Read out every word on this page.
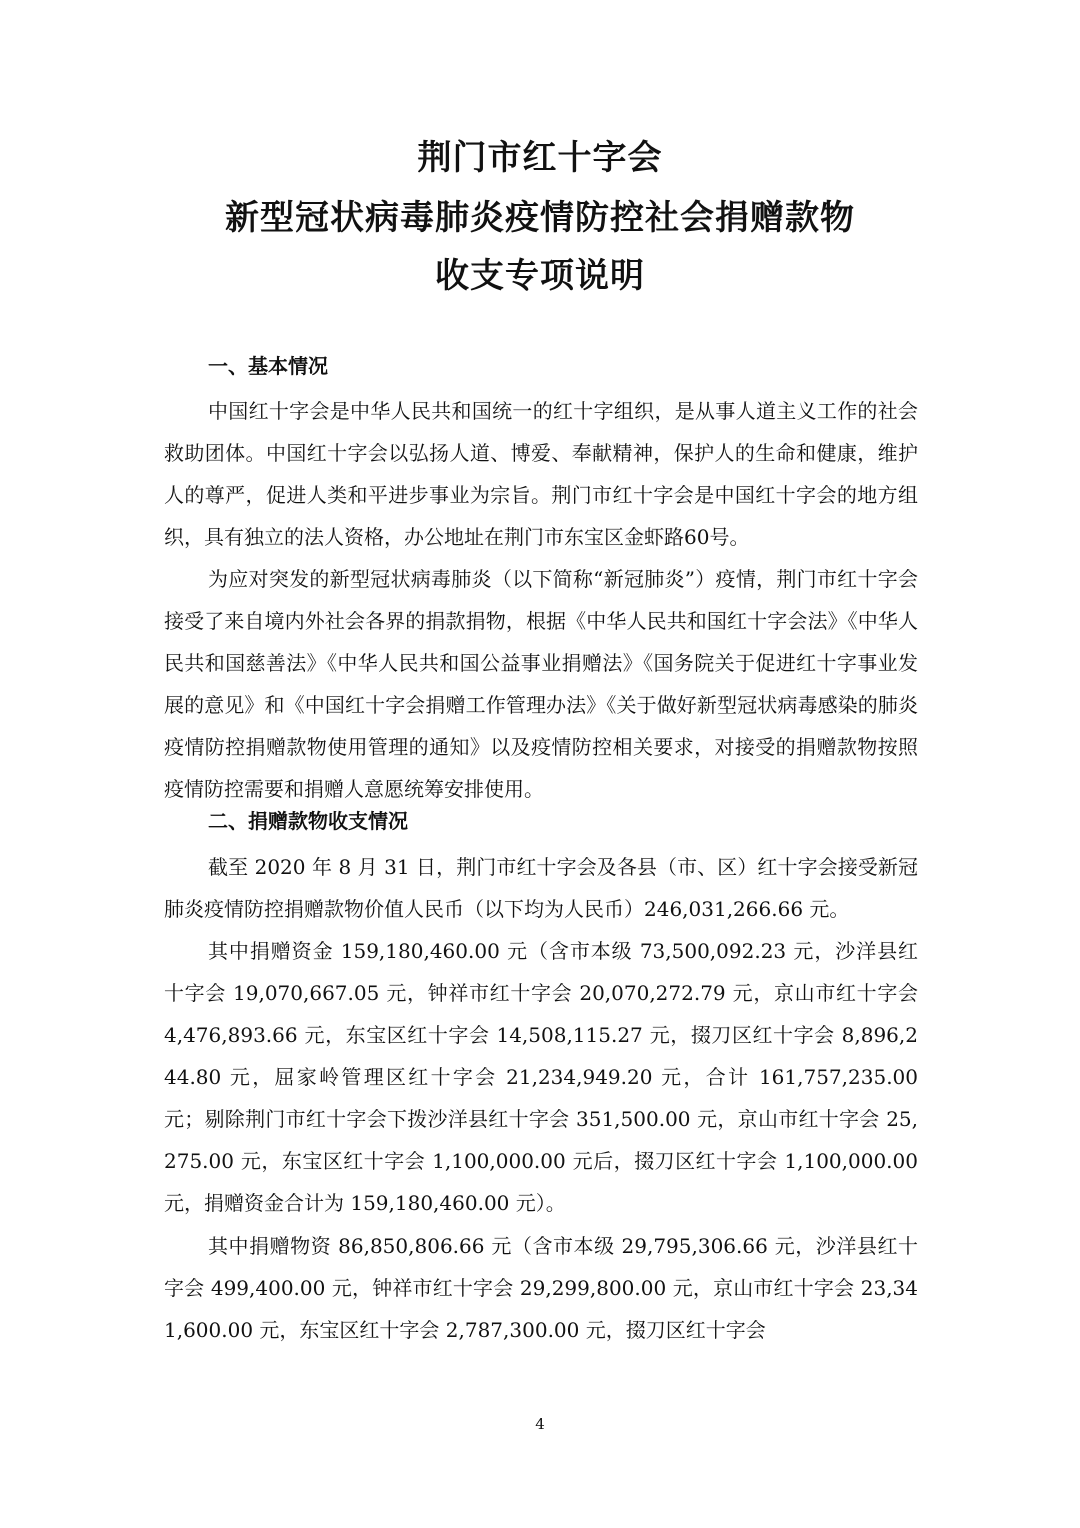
荆门市红十字会
新型冠状病毒肺炎疫情防控社会捐赠款物
收支专项说明
一、基本情况

中国红十字会是中华人民共和国统一的红十字组织，是从事人道主义工作的社会救助团体。中国红十字会以弘扬人道、博爱、奉献精神，保护人的生命和健康，维护人的尊严，促进人类和平进步事业为宗旨。荆门市红十字会是中国红十字会的地方组织，具有独立的法人资格，办公地址在荆门市东宝区金虾路60号。

为应对突发的新型冠状病毒肺炎（以下简称“新冠肺炎”）疫情，荆门市红十字会接受了来自境内外社会各界的捐款捐物，根据《中华人民共和国红十字会法》《中华人民共和国慈善法》《中华人民共和国公益事业捐赠法》《国务院关于促进红十字事业发展的意见》和《中国红十字会捐赠工作管理办法》《关于做好新型冠状病毒感染的肺炎疫情防控捐赠款物使用管理的通知》以及疫情防控相关要求，对接受的捐赠款物按照疫情防控需要和捐赠人意愿统筹安排使用。

二、捐赠款物收支情况

截至 2020 年 8 月 31 日，荆门市红十字会及各县（市、区）红十字会接受新冠肺炎疫情防控捐赠款物价值人民币（以下均为人民币）246,031,266.66 元。

其中捐赠资金 159,180,460.00 元（含市本级 73,500,092.23 元，沙洋县红十字会 19,070,667.05 元，钟祥市红十字会 20,070,272.79 元，京山市红十字会 4,476,893.66 元，东宝区红十字会 14,508,115.27 元，掇刀区红十字会 8,896,244.80 元，屈家岭管理区红十字会 21,234,949.20 元，合计 161,757,235.00 元；剔除荆门市红十字会下拨沙洋县红十字会 351,500.00 元，京山市红十字会 25,275.00 元，东宝区红十字会 1,100,000.00 元后，掇刀区红十字会 1,100,000.00 元，捐赠资金合计为 159,180,460.00 元）。

其中捐赠物资 86,850,806.66 元（含市本级 29,795,306.66 元，沙洋县红十字会 499,400.00 元，钟祥市红十字会 29,299,800.00 元，京山市红十字会 23,341,600.00 元，东宝区红十字会 2,787,300.00 元，掇刀区红十字会

4
